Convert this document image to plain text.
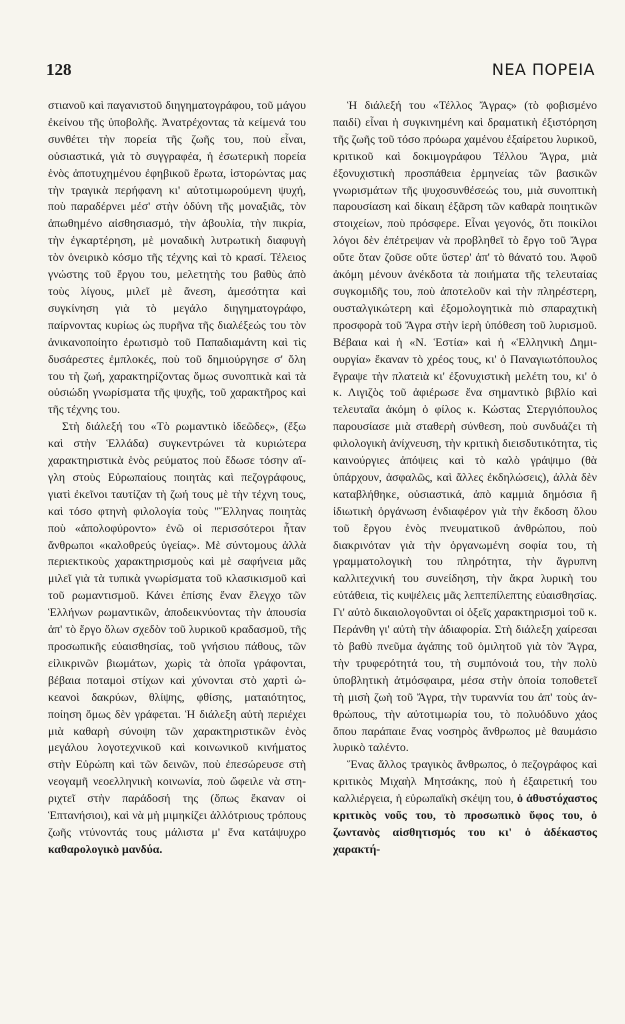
128	ΝΕΑ ΠΟΡΕΙΑ

στιανοῦ καὶ παγανιστοῦ διηγηματογράφου, τοῦ μάγου ἐκείνου τῆς ὑποβολῆς. Ἀνατρέχοντας τὰ κείμενά του συνθέτει τὴν πορεία τῆς ζωῆς του, ποὺ εἶναι, οὐσιαστικά, γιὰ τὸ συγγραφέα, ἡ ἐσωτερικὴ πορεία ἑνὸς ἀποτυχημένου ἐφηβικοῦ ἔρωτα, ἱστορώντας μας τὴν τραγικὰ περήφανη κι' αὐτοτιμωρούμενη ψυχή, ποὺ παραδέρνει μέσ' στὴν ὀδύνη τῆς μοναξιᾶς, τὸν ἀπωθημένο αἰσθησιασμό, τὴν ἀβουλία, τὴν πικρία, τὴν ἐγκαρτέρηση, μὲ μοναδικὴ λυτρωτικὴ διαφυγὴ τὸν ὀνειρικὸ κόσμο τῆς τέχνης καὶ τὸ κρασί. Τέλειος γνώστης τοῦ ἔργου του, μελετητὴς του βαθὺς ἀπὸ τοὺς λίγους, μιλεῖ μὲ ἄνεση, ἀμεσότητα καὶ συγκίνηση γιὰ τὸ μεγάλο διηγηματογράφο, παίρνοντας κυρίως ὡς πυρῆνα τῆς διαλέξεώς του τὸν ἀνικανοποίητο ἐρωτισμὸ τοῦ Παπαδιαμάντη καὶ τὶς δυσάρεστες ἐμπλοκές, ποὺ τοῦ δημιούργησε σ' ὅλη του τὴ ζωή, χαρακτηρίζοντας ὅμως συνοπτικὰ καὶ τὰ οὐσιώδη γνωρίσματα τῆς ψυχῆς, τοῦ χαρακτῆρος καὶ τῆς τέχνης του.

Στὴ διάλεξή του «Τὸ ρωμαντικὸ ἰδεῶδες», (ἔξω καὶ στὴν Ἑλλάδα) συγκεντρώνει τὰ κυριώτερα χαρακτηριστικὰ ἑνὸς ρεύματος ποὺ ἔδωσε τόσην αἴγλη στοὺς Εὐρωπαίους ποιητὰς καὶ πεζογράφους, γιατὶ ἐκεῖνοι ταυτίζαν τὴ ζωή τους μὲ τὴν τέχνη τους, καὶ τόσο φτηνὴ φιλολογία τοὺς "Ἕλληνας ποιητὰς ποὺ «ἀπολοφύροντο» ἐνῶ οἱ περισσότεροι ἦταν ἄνθρωποι «καλοθρεύς ὑγείας». Μὲ σύντομους ἀλλὰ περιεκτικοὺς χαρακτηρισμοὺς καὶ μὲ σαφήνεια μᾶς μιλεῖ γιὰ τὰ τυπικὰ γνωρίσματα τοῦ κλασικισμοῦ καὶ τοῦ ρωμαντισμοῦ. Κάνει ἐπίσης ἕναν ἔλεγχο τῶν Ἑλλήνων ρωμαντικῶν, ἀποδεικνύοντας τὴν ἀπουσία ἀπ' τὸ ἔργο ὅλων σχεδὸν τοῦ λυρικοῦ κραδασμοῦ, τῆς προσωπικῆς εὐαισθησίας, τοῦ γνήσιου πάθους, τῶν εἰλικρινῶν βιωμάτων, χωρὶς τὰ ὁποῖα γράφονται, βέβαια ποταμοὶ στίχων καὶ χύνονται στὸ χαρτὶ ὠκεανοὶ δακρύων, θλίψης, φθίσης, ματαιότητος, ποίηση ὅμως δὲν γράφεται. Ἡ διάλεξη αὐτὴ περιέχει μιὰ καθαρὴ σύνοψη τῶν χαρακτηριστικῶν ἑνὸς μεγάλου λογοτεχνικοῦ καὶ κοινωνικοῦ κινήματος στὴν Εὐρώπη καὶ τῶν δεινῶν, ποὺ ἐπεσώρευσε στὴ νεογαμῆ νεοελληνικὴ κοινωνία, ποὺ ὤφειλε νὰ στηριχτεῖ στὴν παράδοσή της (ὅπως ἔκαναν οἱ Ἑπτανήσιοι), καὶ νὰ μὴ μιμηκίζει ἀλλότριους τρόπους ζωῆς ντύνοντάς τους μάλιστα μ' ἕνα κατάψυχρο καθαρολογικὸ μανδύα.

Ἡ διάλεξή του «Τέλλος Ἄγρας» (τὸ φοβισμένο παιδί) εἶναι ἡ συγκινημένη καὶ δραματικὴ ἐξιστόρηση τῆς ζωῆς τοῦ τόσο πρόωρα χαμένου ἐξαίρετου λυρικοῦ, κριτικοῦ καὶ δοκιμογράφου Τέλλου Ἄγρα, μιὰ ἐξονυχιστικὴ προσπάθεια ἑρμηνείας τῶν βασικῶν γνωρισμάτων τῆς ψυχοσυνθέσεώς του, μιὰ συνοπτικὴ παρουσίαση καὶ δίκαιη ἐξᾶρση τῶν καθαρὰ ποιητικῶν στοιχείων, ποὺ πρόσφερε. Εἶναι γεγονός, ὅτι ποικίλοι λόγοι δὲν ἐπέτρεψαν νὰ προβληθεῖ τὸ ἔργο τοῦ Ἄγρα οὔτε ὅταν ζοῦσε οὔτε ὕστερ' ἀπ' τὸ θάνατό του. Ἀφοῦ ἀκόμη μένουν ἀνέκδοτα τὰ ποιήματα τῆς τελευταίας συγκομιδῆς του, ποὺ ἀποτελοῦν καὶ τὴν πληρέστερη, ουσταλγικώτερη καὶ ἐξομολογητικὰ πιὸ σπαραχτικὴ προσφορὰ τοῦ Ἄγρα στὴν ἱερὴ ὑπόθεση τοῦ λυρισμοῦ. Βέβαια καὶ ἡ «Ν. Ἑστία» καὶ ἡ «Ἑλληνικὴ Δημιουργία» ἔκαναν τὸ χρέος τους, κι' ὁ Παναγιωτόπουλος ἔγραψε τὴν πλατειὰ κι' ἐξονυχιστικὴ μελέτη του, κι' ὁ κ. Λιγιζὸς τοῦ ἀφιέρωσε ἕνα σημαντικὸ βιβλίο καὶ τελευταῖα ἀκόμη ὁ φίλος κ. Κώστας Στεργιόπουλος παρουσίασε μιὰ σταθερὴ σύνθεση, ποὺ συνδυάζει τὴ φιλολογικὴ ἀνίχνευση, τὴν κριτικὴ διεισδυτικότητα, τὶς καινούργιες ἀπόψεις καὶ τὸ καλὸ γράψιμο (θὰ ὑπάρχουν, ἀσφαλῶς, καὶ ἄλλες ἐκδηλώσεις), ἀλλὰ δὲν καταβλήθηκε, οὐσιαστικά, ἀπὸ καμμιὰ δημόσια ἢ ἰδιωτικὴ ὀργάνωση ἐνδιαφέρον γιὰ τὴν ἔκδοση ὅλου τοῦ ἔργου ἑνὸς πνευματικοῦ ἀνθρώπου, ποὺ διακρινόταν γιὰ τὴν ὀργανωμένη σοφία του, τὴ γραμματολογικὴ του πληρότητα, τὴν ἄγρυπνη καλλιτεχνική του συνείδηση, τὴν ἄκρα λυρικὴ του εὐτάθεια, τὶς κυψέλεις μᾶς λεπτεπίλεπτης εὐαισθησίας. Γι' αὐτὸ δικαιολογοῦνται οἱ ὀξεῖς χαρακτηρισμοὶ τοῦ κ. Περάνθη γι' αὐτὴ τὴν ἀδιαφορία. Στὴ διάλεξη χαίρεσαι τὸ βαθὺ πνεῦμα ἀγάπης τοῦ ὁμιλητοῦ γιὰ τὸν Ἄγρα, τὴν τρυφερότητά του, τὴ συμπόνοιά του, τὴν πολὺ ὑποβλητικὴ ἀτμόσφαιρα, μέσα στὴν ὁποία τοποθετεῖ τὴ μισὴ ζωὴ τοῦ Ἄγρα, τὴν τυραννία του ἀπ' τοὺς ἀνθρώπους, τὴν αὐτοτιμωρία του, τὸ πολυόδυνο χάος ὅπου παράπαιε ἕνας νοσηρὸς ἄνθρωπος μὲ θαυμάσιο λυρικὸ ταλέντο.

Ἕνας ἄλλος τραγικὸς ἄνθρωπος, ὁ πεζογράφος καὶ κριτικὸς Μιχαὴλ Μητσάκης, ποὺ ἡ ἐξαιρετική του καλλιέργεια, ἡ εὐρωπαϊκὴ σκέψη του, ὁ ἀθυστόχαστος κριτικὸς νοῦς του, τὸ προσωπικὸ ὕφος του, ὁ ζωντανὸς αἰσθητισμός του κι' ὁ ἀδέκαστος χαρακτή-
